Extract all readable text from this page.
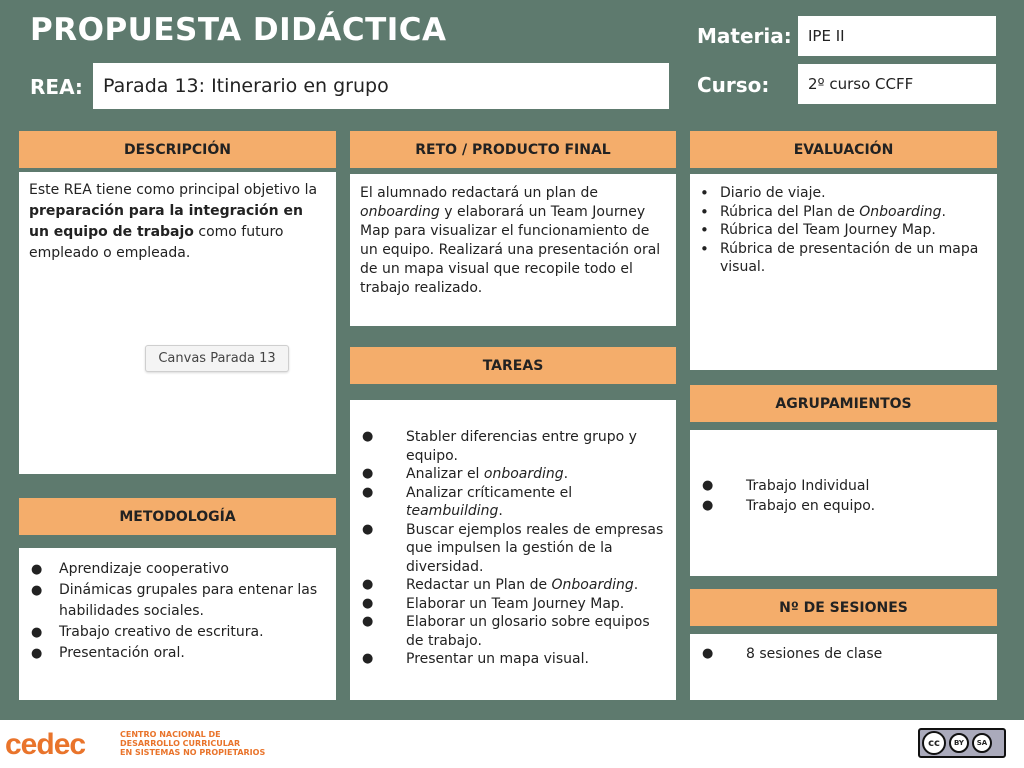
PROPUESTA DIDÁCTICA	Materia:	IPE II
REA:	Parada 13: Itinerario en grupo	Curso:	2º curso CCFF
DESCRIPCIÓN

Este REA tiene como principal objetivo la preparación para la integración en un equipo de trabajo como futuro empleado o empleada.

Canvas Parada 13
METODOLOGÍA
● Aprendizaje cooperativo
● Dinámicas grupales para entenar las habilidades sociales.
● Trabajo creativo de escritura.
● Presentación oral.
RETO / PRODUCTO FINAL

El alumnado redactará un plan de onboarding y elaborará un Team Journey Map para visualizar el funcionamiento de un equipo. Realizará una presentación oral de un mapa visual que recopile todo el trabajo realizado.

TAREAS
● Stabler diferencias entre grupo y equipo.
● Analizar el onboarding.
● Analizar críticamente el teambuilding.
● Buscar ejemplos reales de empresas que impulsen la gestión de la diversidad.
● Redactar un Plan de Onboarding.
● Elaborar un Team Journey Map.
● Elaborar un glosario sobre equipos de trabajo.
● Presentar un mapa visual.
EVALUACIÓN
• Diario de viaje.
• Rúbrica del Plan de Onboarding.
• Rúbrica del Team Journey Map.
• Rúbrica de presentación de un mapa visual.
AGRUPAMIENTOS
● Trabajo Individual
● Trabajo en equipo.
Nº DE SESIONES
● 8 sesiones de clase
cedec	CENTRO NACIONAL DE
DESARROLLO CURRICULAR
EN SISTEMAS NO PROPIETARIOS
cc	BY	SA
